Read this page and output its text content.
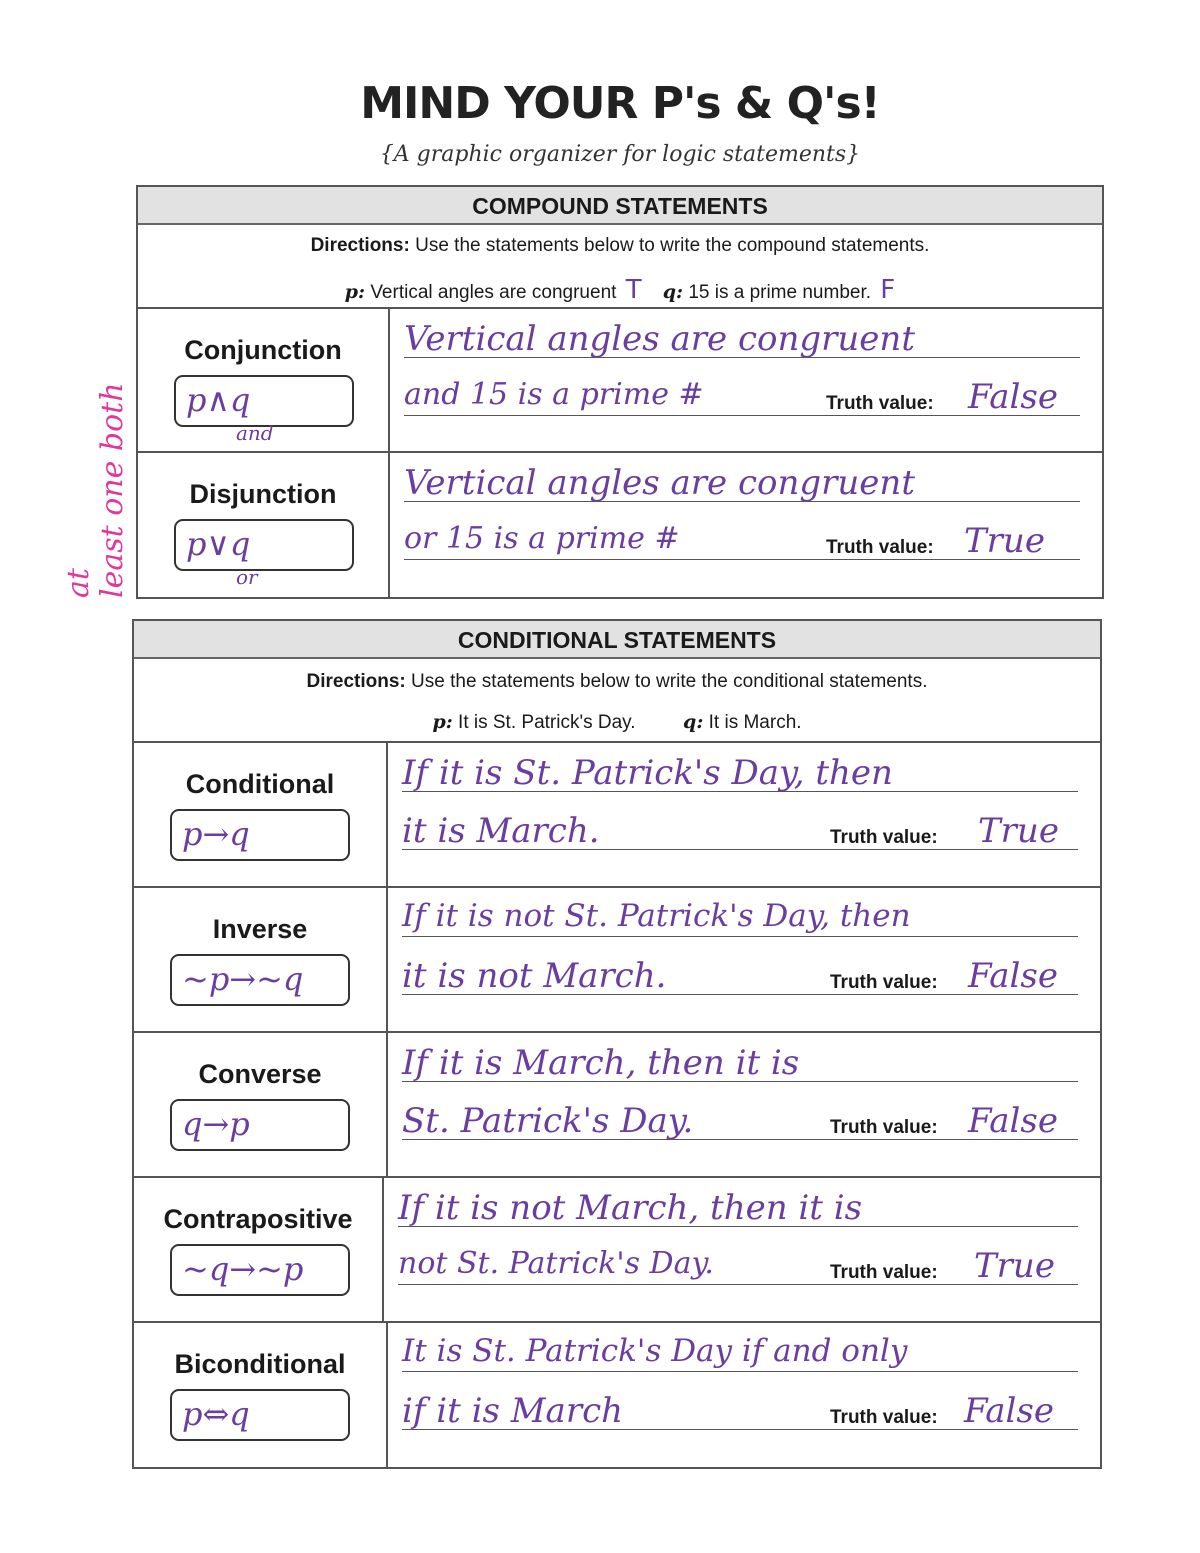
MIND YOUR P's & Q's!
{A graphic organizer for logic statements}
at least one both
COMPOUND STATEMENTS
Directions: Use the statements below to write the compound statements.
p: Vertical angles are congruent T q: 15 is a prime number. F
Conjunction
p∧q
and
Vertical angles are congruent
and 15 is a prime #	Truth value: False
Disjunction
p∨q
or
Vertical angles are congruent
or 15 is a prime #	Truth value: True
CONDITIONAL STATEMENTS
Directions: Use the statements below to write the conditional statements.
p: It is St. Patrick's Day.	q: It is March.
Conditional
p→q
If it is St. Patrick's Day, then
it is March.	Truth value: True
Inverse
~p→~q
If it is not St. Patrick's Day, then
it is not March.	Truth value: False
Converse
q→p
If it is March, then it is
St. Patrick's Day.	Truth value: False
Contrapositive
~q→~p
If it is not March, then it is
not St. Patrick's Day.	Truth value: True
Biconditional
p⇔q
It is St. Patrick's Day if and only
if it is March	Truth value: False
